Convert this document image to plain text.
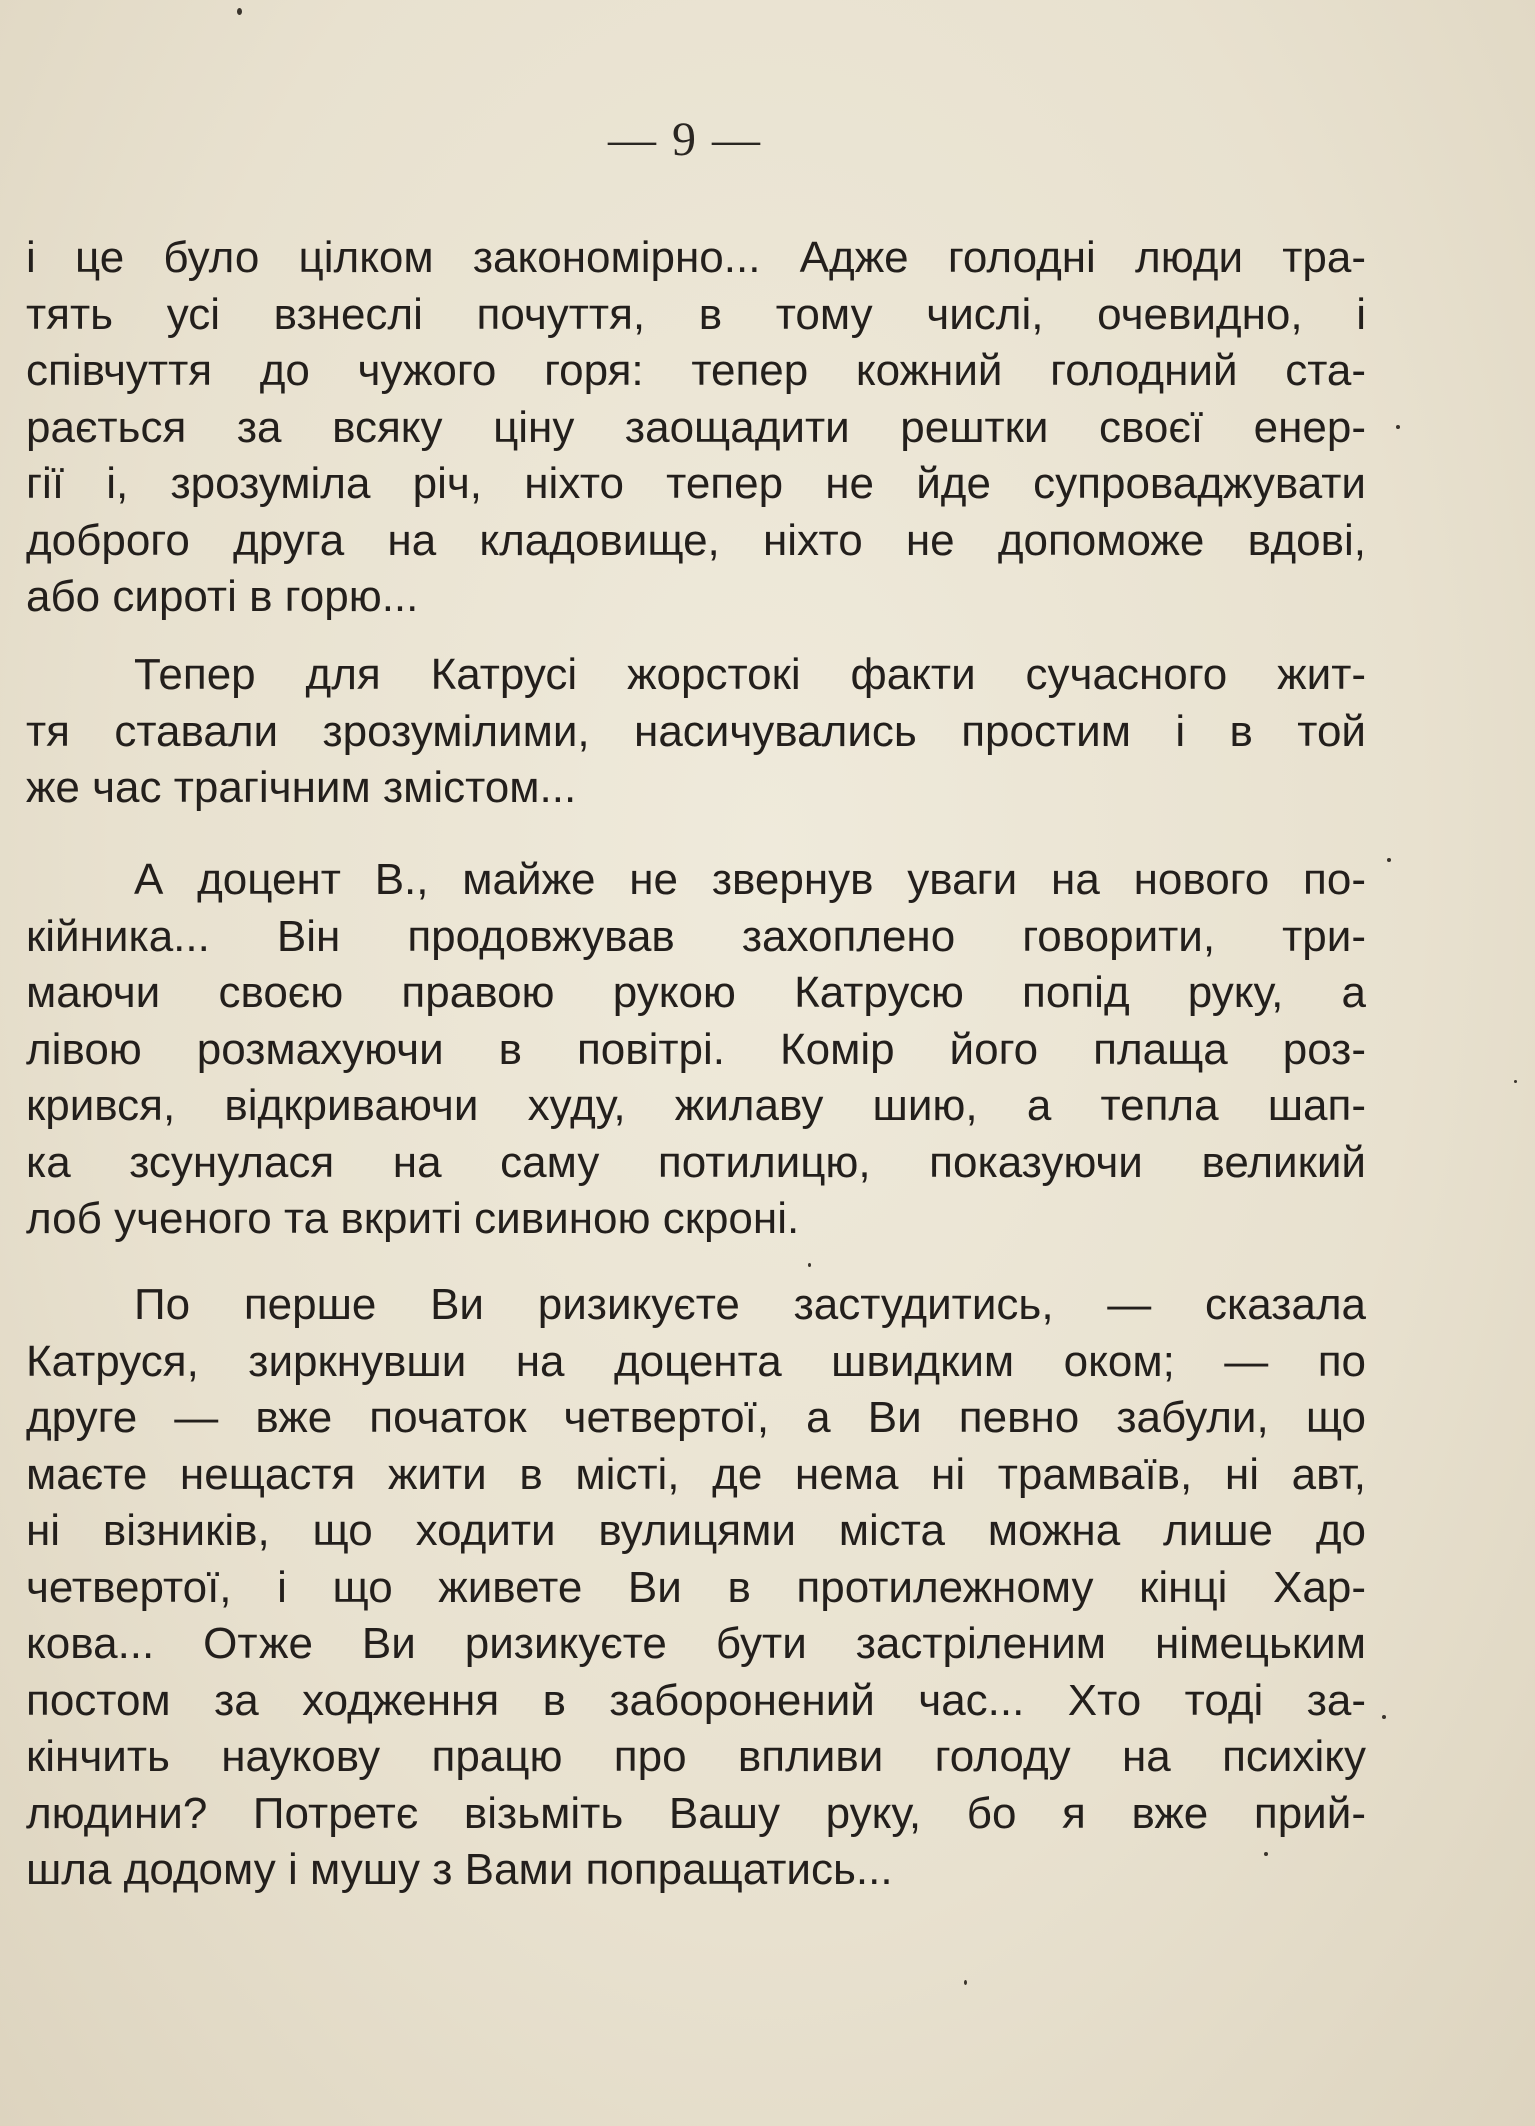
— 9 —
і це було цілком закономірно... Адже голодні люди тра-
тять усі взнеслі почуття, в тому числі, очевидно, і
співчуття до чужого горя: тепер кожний голодний ста-
рається за всяку ціну заощадити рештки своєї енер-
гії і, зрозуміла річ, ніхто тепер не йде супроваджувати
доброго друга на кладовище, ніхто не допоможе вдові,
або сироті в горю...
Тепер для Катрусі жорстокі факти сучасного жит-
тя ставали зрозумілими, насичувались простим і в той
же час трагічним змістом...
А доцент В., майже не звернув уваги на нового по-
кійника... Він продовжував захоплено говорити, три-
маючи своєю правою рукою Катрусю попід руку, а
лівою розмахуючи в повітрі. Комір його плаща роз-
крився, відкриваючи худу, жилаву шию, а тепла шап-
ка зсунулася на саму потилицю, показуючи великий
лоб ученого та вкриті сивиною скроні.
По перше Ви ризикуєте застудитись, — сказала
Катруся, зиркнувши на доцента швидким оком; — по
друге — вже початок четвертої, а Ви певно забули, що
маєте нещастя жити в місті, де нема ні трамваїв, ні авт,
ні візників, що ходити вулицями міста можна лише до
четвертої, і що живете Ви в протилежному кінці Хар-
кова... Отже Ви ризикуєте бути застріленим німецьким
постом за ходження в заборонений час... Хто тоді за-
кінчить наукову працю про впливи голоду на психіку
людини? Потретє візьміть Вашу руку, бо я вже прий-
шла додому і мушу з Вами попращатись...
